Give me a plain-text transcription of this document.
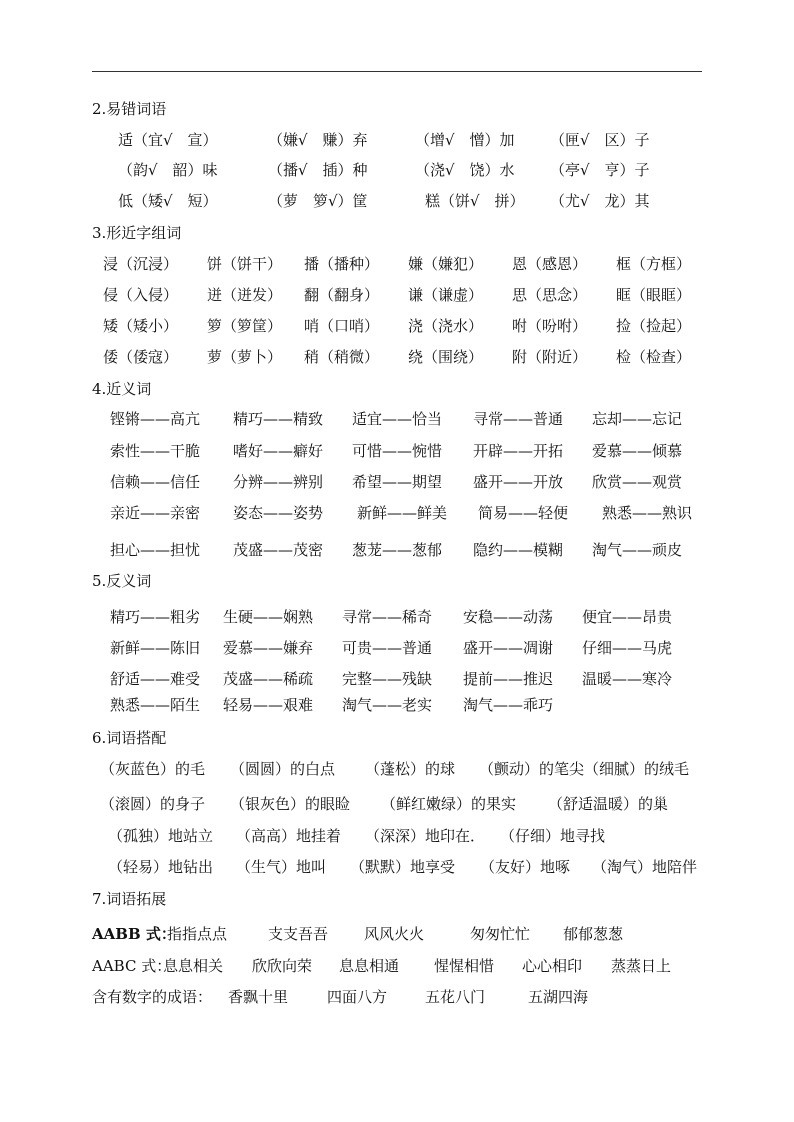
2.易错词语
适（宜√　宣）	（嫌√　赚）弃	（增√　憎）加 （匣√　区）子
（韵√　韶）味	（播√　插）种	（浇√　饶）水 （亭√　亨）子
低（矮√　短）	（萝　箩√）筐	糕（饼√　拼） （尤√　龙）其
3.形近字组词
浸（沉浸） 饼（饼干） 播（播种） 嫌（嫌犯） 恩（感恩） 框（方框）
侵（入侵） 迸（迸发） 翻（翻身） 谦（谦虚） 思（思念） 眶（眼眶）
矮（矮小） 箩（箩筐） 哨（口哨） 浇（浇水） 咐（吩咐） 捡（捡起）
倭（倭寇） 萝（萝卜） 稍（稍微） 绕（围绕） 附（附近） 检（检查）
4.近义词
铿锵——高亢 精巧——精致 适宜——恰当 寻常——普通 忘却——忘记
索性——干脆 嗜好——癖好 可惜——惋惜 开辟——开拓 爱慕——倾慕
信赖——信任 分辨——辨别 希望——期望 盛开——开放 欣赏——观赏
亲近——亲密 姿态——姿势 新鲜——鲜美 简易——轻便 熟悉——熟识
担心——担忧 茂盛——茂密 葱茏——葱郁 隐约——模糊 淘气——顽皮
5.反义词
精巧——粗劣 生硬——娴熟 寻常——稀奇 安稳——动荡 便宜——昂贵
新鲜——陈旧 爱慕——嫌弃 可贵——普通 盛开——凋谢 仔细——马虎
舒适——难受 茂盛——稀疏 完整——残缺 提前——推迟 温暖——寒冷
熟悉——陌生 轻易——艰难 淘气——老实 淘气——乖巧
6.词语搭配
（灰蓝色）的毛 （圆圆）的白点 （蓬松）的球 （颤动）的笔尖（细腻）的绒毛
（滚圆）的身子 （银灰色）的眼睑 （鲜红嫩绿）的果实 （舒适温暖）的巢
（孤独）地站立 （高高）地挂着 （深深）地印在． （仔细）地寻找
（轻易）地钻出 （生气）地叫 （默默）地享受 （友好）地啄 （淘气）地陪伴
7.词语拓展
AABB 式：
指指点点	支支吾吾 风风火火	匆匆忙忙 郁郁葱葱
AABC 式：
息息相关 欣欣向荣 息息相通 惺惺相惜 心心相印 蒸蒸日上
含有数字的成语： 香飘十里	四面八方	五花八门	五湖四海
